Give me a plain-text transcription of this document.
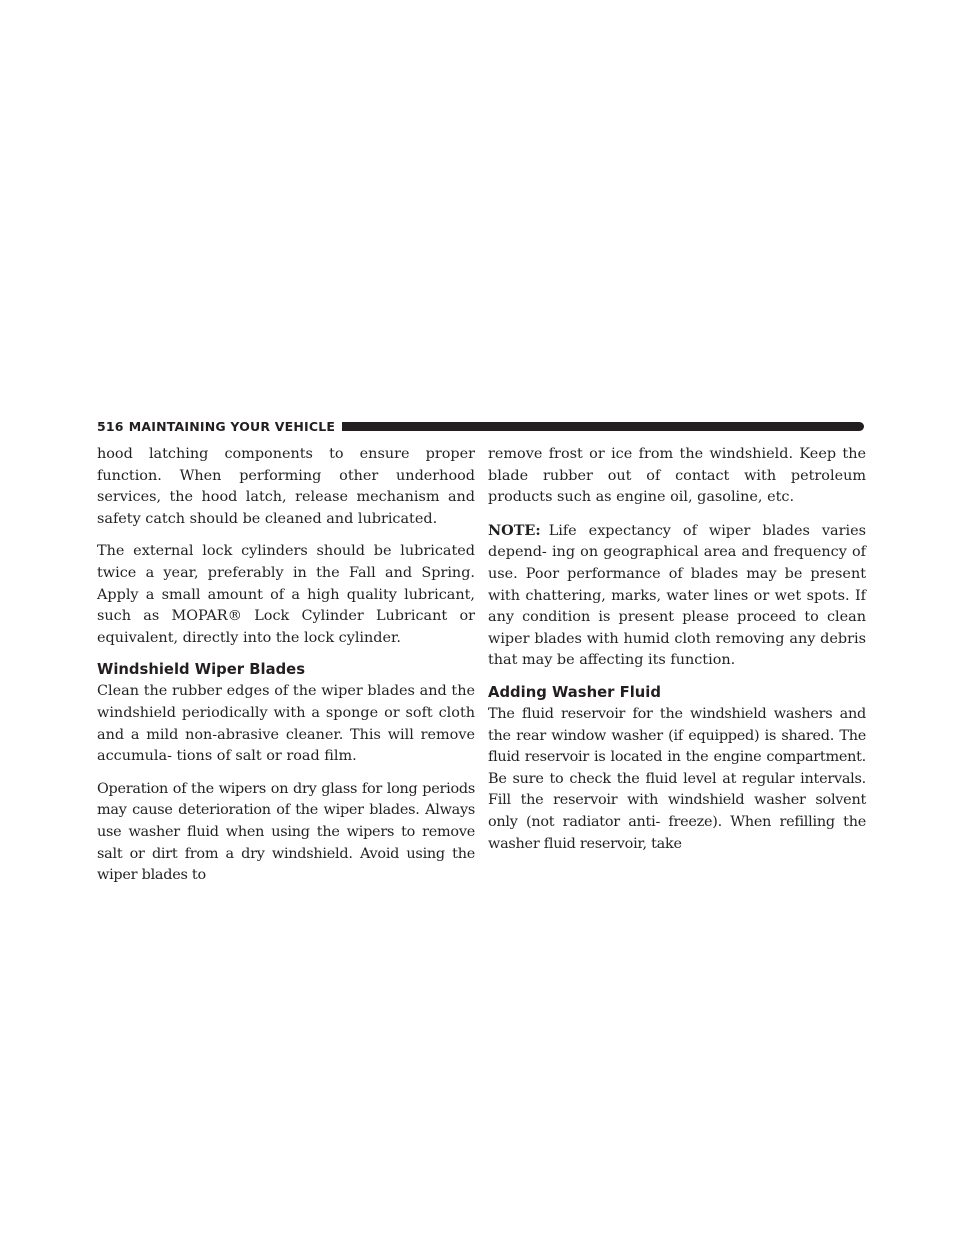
516 MAINTAINING YOUR VEHICLE

hood latching components to ensure proper function. When performing other underhood services, the hood latch, release mechanism and safety catch should be cleaned and lubricated.

The external lock cylinders should be lubricated twice a year, preferably in the Fall and Spring. Apply a small amount of a high quality lubricant, such as MOPAR® Lock Cylinder Lubricant or equivalent, directly into the lock cylinder.

Windshield Wiper Blades

Clean the rubber edges of the wiper blades and the windshield periodically with a sponge or soft cloth and a mild non-abrasive cleaner. This will remove accumula- tions of salt or road film.

Operation of the wipers on dry glass for long periods may cause deterioration of the wiper blades. Always use washer fluid when using the wipers to remove salt or dirt from a dry windshield. Avoid using the wiper blades to

remove frost or ice from the windshield. Keep the blade rubber out of contact with petroleum products such as engine oil, gasoline, etc.

NOTE: Life expectancy of wiper blades varies depend- ing on geographical area and frequency of use. Poor performance of blades may be present with chattering, marks, water lines or wet spots. If any condition is present please proceed to clean wiper blades with humid cloth removing any debris that may be affecting its function.

Adding Washer Fluid

The fluid reservoir for the windshield washers and the rear window washer (if equipped) is shared. The fluid reservoir is located in the engine compartment. Be sure to check the fluid level at regular intervals. Fill the reservoir with windshield washer solvent only (not radiator anti- freeze). When refilling the washer fluid reservoir, take
